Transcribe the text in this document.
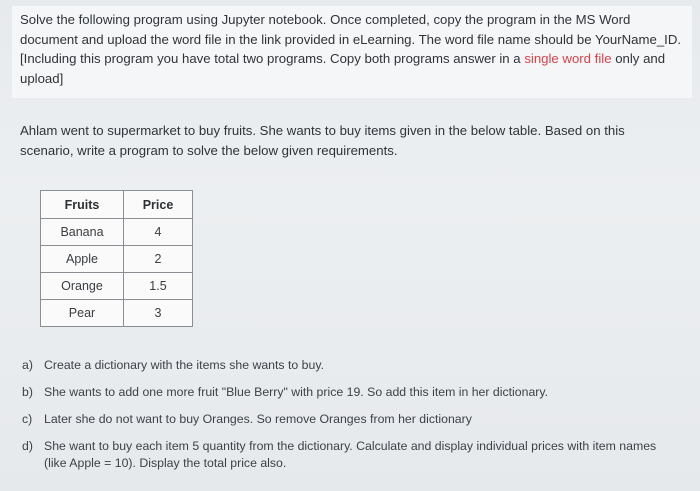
Solve the following program using Jupyter notebook. Once completed, copy the program in the MS Word document and upload the word file in the link provided in eLearning. The word file name should be YourName_ID. [Including this program you have total two programs. Copy both programs answer in a single word file only and upload]

Ahlam went to supermarket to buy fruits. She wants to buy items given in the below table. Based on this scenario, write a program to solve the below given requirements.
Fruits	Price
Banana	4
Apple	2
Orange	1.5
Pear	3
a) Create a dictionary with the items she wants to buy.
b) She wants to add one more fruit "Blue Berry" with price 19. So add this item in her dictionary.
c) Later she do not want to buy Oranges. So remove Oranges from her dictionary
d) She want to buy each item 5 quantity from the dictionary. Calculate and display individual prices with item names (like Apple = 10). Display the total price also.
